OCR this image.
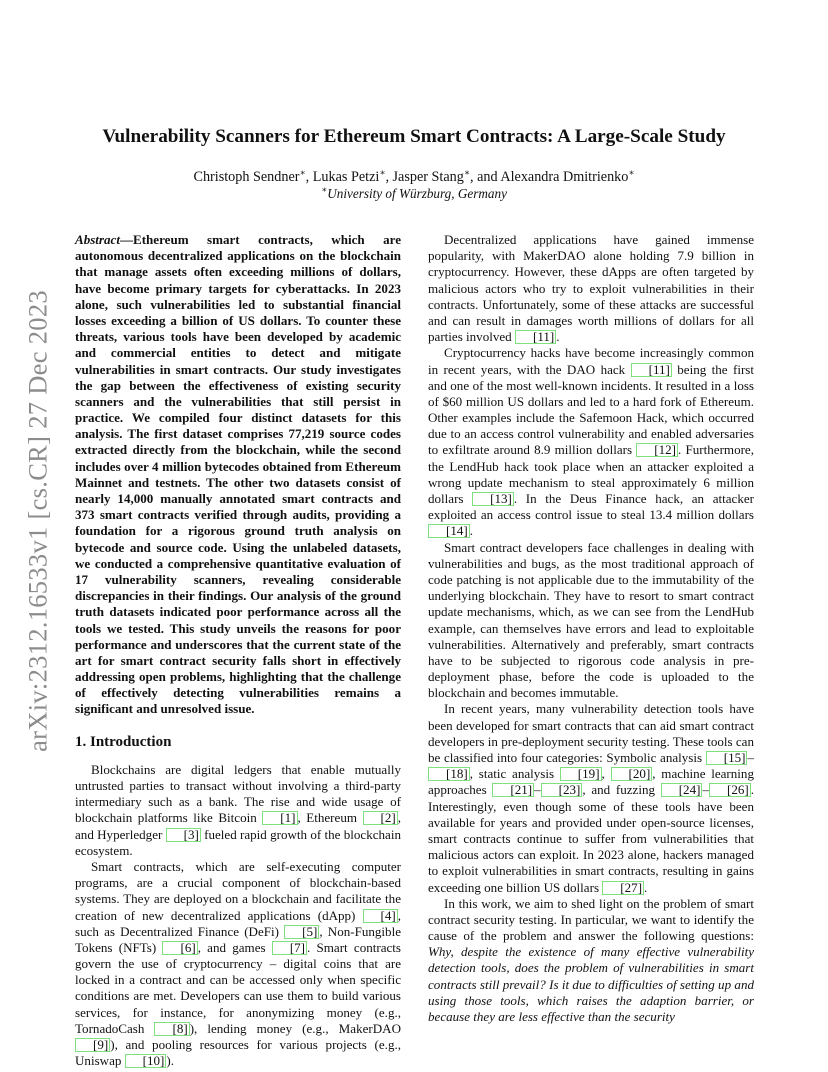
arXiv:2312.16533v1 [cs.CR] 27 Dec 2023
Vulnerability Scanners for Ethereum Smart Contracts: A Large-Scale Study
Christoph Sendner∗, Lukas Petzi∗, Jasper Stang∗, and Alexandra Dmitrienko∗
∗University of Würzburg, Germany

Abstract—Ethereum smart contracts, which are autonomous decentralized applications on the blockchain that manage assets often exceeding millions of dollars, have become primary targets for cyberattacks. In 2023 alone, such vulnerabilities led to substantial financial losses exceeding a billion of US dollars. To counter these threats, various tools have been developed by academic and commercial entities to detect and mitigate vulnerabilities in smart contracts. Our study investigates the gap between the effectiveness of existing security scanners and the vulnerabilities that still persist in practice. We compiled four distinct datasets for this analysis. The first dataset comprises 77,219 source codes extracted directly from the blockchain, while the second includes over 4 million bytecodes obtained from Ethereum Mainnet and testnets. The other two datasets consist of nearly 14,000 manually annotated smart contracts and 373 smart contracts verified through audits, providing a foundation for a rigorous ground truth analysis on bytecode and source code. Using the unlabeled datasets, we conducted a comprehensive quantitative evaluation of 17 vulnerability scanners, revealing considerable discrepancies in their findings. Our analysis of the ground truth datasets indicated poor performance across all the tools we tested. This study unveils the reasons for poor performance and underscores that the current state of the art for smart contract security falls short in effectively addressing open problems, highlighting that the challenge of effectively detecting vulnerabilities remains a significant and unresolved issue.

1. Introduction

Blockchains are digital ledgers that enable mutually untrusted parties to transact without involving a third-party intermediary such as a bank. The rise and wide usage of blockchain platforms like Bitcoin [1] , Ethereum [2] , and Hyperledger [3] fueled rapid growth of the blockchain ecosystem.

Smart contracts, which are self-executing computer programs, are a crucial component of blockchain-based systems. They are deployed on a blockchain and facilitate the creation of new decentralized applications (dApp) [4] , such as Decentralized Finance (DeFi) [5] , Non-Fungible Tokens (NFTs) [6] , and games [7] . Smart contracts govern the use of cryptocurrency – digital coins that are locked in a contract and can be accessed only when specific conditions are met. Developers can use them to build various services, for instance, for anonymizing money (e.g., TornadoCash [8] ), lending money (e.g., MakerDAO [9] ), and pooling resources for various projects (e.g., Uniswap [10] ).

Decentralized applications have gained immense popularity, with MakerDAO alone holding 7.9 billion in cryptocurrency. However, these dApps are often targeted by malicious actors who try to exploit vulnerabilities in their contracts. Unfortunately, some of these attacks are successful and can result in damages worth millions of dollars for all parties involved [11] .

Cryptocurrency hacks have become increasingly common in recent years, with the DAO hack [11] being the first and one of the most well-known incidents. It resulted in a loss of $60 million US dollars and led to a hard fork of Ethereum. Other examples include the Safemoon Hack, which occurred due to an access control vulnerability and enabled adversaries to exfiltrate around 8.9 million dollars [12] . Furthermore, the LendHub hack took place when an attacker exploited a wrong update mechanism to steal approximately 6 million dollars [13] . In the Deus Finance hack, an attacker exploited an access control issue to steal 13.4 million dollars [14] .

Smart contract developers face challenges in dealing with vulnerabilities and bugs, as the most traditional approach of code patching is not applicable due to the immutability of the underlying blockchain. They have to resort to smart contract update mechanisms, which, as we can see from the LendHub example, can themselves have errors and lead to exploitable vulnerabilities. Alternatively and preferably, smart contracts have to be subjected to rigorous code analysis in pre-deployment phase, before the code is uploaded to the blockchain and becomes immutable.

In recent years, many vulnerability detection tools have been developed for smart contracts that can aid smart contract developers in pre-deployment security testing. These tools can be classified into four categories: Symbolic analysis [15] –[18] , static analysis [19] , [20] , machine learning approaches [21] – [23] , and fuzzing [24] – [26] . Interestingly, even though some of these tools have been available for years and provided under open-source licenses, smart contracts continue to suffer from vulnerabilities that malicious actors can exploit. In 2023 alone, hackers managed to exploit vulnerabilities in smart contracts, resulting in gains exceeding one billion US dollars [27] .

In this work, we aim to shed light on the problem of smart contract security testing. In particular, we want to identify the cause of the problem and answer the following questions: Why, despite the existence of many effective vulnerability detection tools, does the problem of vulnerabilities in smart contracts still prevail? Is it due to difficulties of setting up and using those tools, which raises the adaption barrier, or because they are less effective than the security
